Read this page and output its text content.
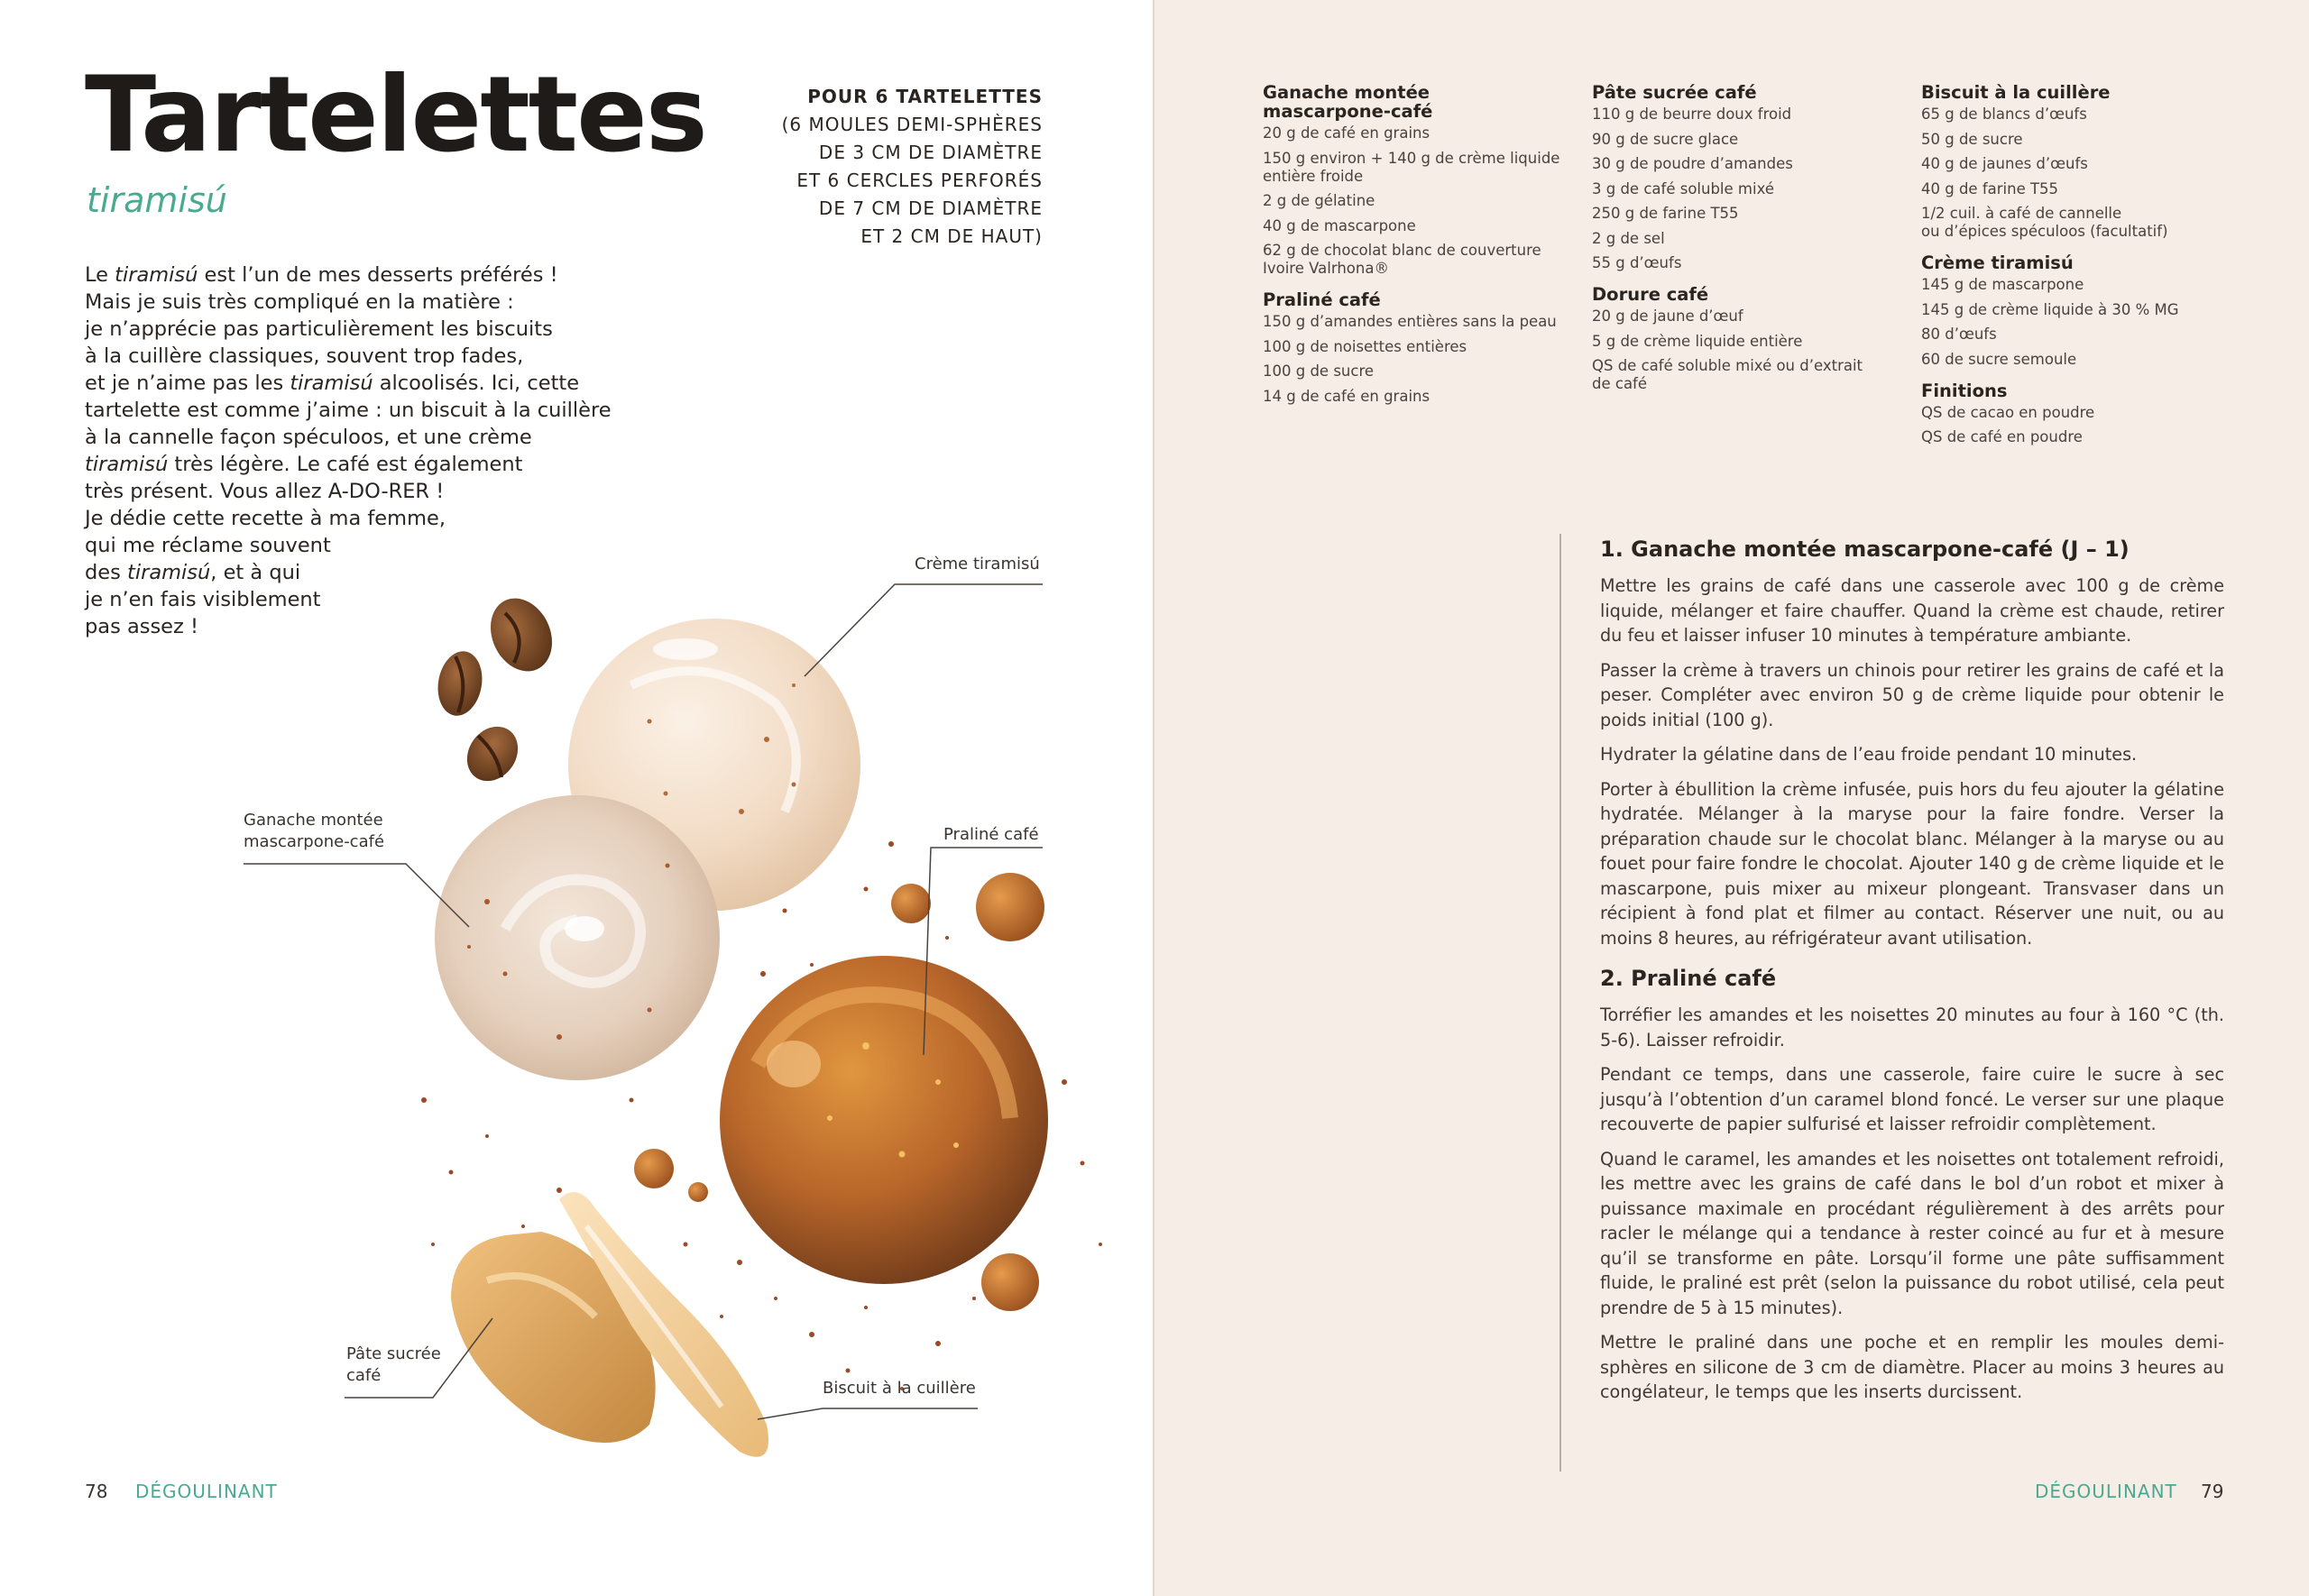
Tartelettes
tiramisú
POUR 6 TARTELETTES
(6 MOULES DEMI-SPHÈRES
DE 3 CM DE DIAMÈTRE
ET 6 CERCLES PERFORÉS
DE 7 CM DE DIAMÈTRE
ET 2 CM DE HAUT)

Le tiramisú est l’un de mes desserts préférés !
Mais je suis très compliqué en la matière :
je n’apprécie pas particulièrement les biscuits
à la cuillère classiques, souvent trop fades,
et je n’aime pas les tiramisú alcoolisés. Ici, cette
tartelette est comme j’aime : un biscuit à la cuillère
à la cannelle façon spéculoos, et une crème
tiramisú très légère. Le café est également
très présent. Vous allez A-DO-RER !
Je dédie cette recette à ma femme,
qui me réclame souvent
des tiramisú, et à qui
je n’en fais visiblement
pas assez !

Crème tiramisú
Ganache montée
mascarpone-café	Praliné café
Pâte sucrée
café
Biscuit à la cuillère
78 DÉGOULINANT
Ganache montée
mascarpone-café
20 g de café en grains
150 g environ + 140 g de crème liquide
entière froide
2 g de gélatine
40 g de mascarpone
62 g de chocolat blanc de couverture
Ivoire Valrhona®
Praliné café
150 g d’amandes entières sans la peau
100 g de noisettes entières
100 g de sucre
14 g de café en grains
Pâte sucrée café
110 g de beurre doux froid
90 g de sucre glace
30 g de poudre d’amandes
3 g de café soluble mixé
250 g de farine T55
2 g de sel
55 g d’œufs
Dorure café
20 g de jaune d’œuf
5 g de crème liquide entière
QS de café soluble mixé ou d’extrait
de café
Biscuit à la cuillère
65 g de blancs d’œufs
50 g de sucre
40 g de jaunes d’œufs
40 g de farine T55
1/2 cuil. à café de cannelle
ou d’épices spéculoos (facultatif)
Crème tiramisú
145 g de mascarpone
145 g de crème liquide à 30 % MG
80 d’œufs
60 de sucre semoule
Finitions
QS de cacao en poudre
QS de café en poudre
1. Ganache montée mascarpone-café (J – 1)

Mettre les grains de café dans une casserole avec 100 g de crème liquide, mélanger et faire chauffer. Quand la crème est chaude, retirer du feu et laisser infuser 10 minutes à température ambiante.

Passer la crème à travers un chinois pour retirer les grains de café et la peser. Compléter avec environ 50 g de crème liquide pour obtenir le poids initial (100 g).

Hydrater la gélatine dans de l’eau froide pendant 10 minutes.

Porter à ébullition la crème infusée, puis hors du feu ajouter la gélatine hydratée. Mélanger à la maryse pour la faire fondre. Verser la préparation chaude sur le chocolat blanc. Mélanger à la maryse ou au fouet pour faire fondre le chocolat. Ajouter 140 g de crème liquide et le mascarpone, puis mixer au mixeur plongeant. Transvaser dans un récipient à fond plat et filmer au contact. Réserver une nuit, ou au moins 8 heures, au réfrigérateur avant utilisation.

2. Praliné café

Torréfier les amandes et les noisettes 20 minutes au four à 160 °C (th. 5-6). Laisser refroidir.

Pendant ce temps, dans une casserole, faire cuire le sucre à sec jusqu’à l’obtention d’un caramel blond foncé. Le verser sur une plaque recouverte de papier sulfurisé et laisser refroidir complètement.

Quand le caramel, les amandes et les noisettes ont totalement refroidi, les mettre avec les grains de café dans le bol d’un robot et mixer à puissance maximale en procédant régulièrement à des arrêts pour racler le mélange qui a tendance à rester coincé au fur et à mesure qu’il se transforme en pâte. Lorsqu’il forme une pâte suffisamment fluide, le praliné est prêt (selon la puissance du robot utilisé, cela peut prendre de 5 à 15 minutes).

Mettre le praliné dans une poche et en remplir les moules demi-sphères en silicone de 3 cm de diamètre. Placer au moins 3 heures au congélateur, le temps que les inserts durcissent.

DÉGOULINANT 79
